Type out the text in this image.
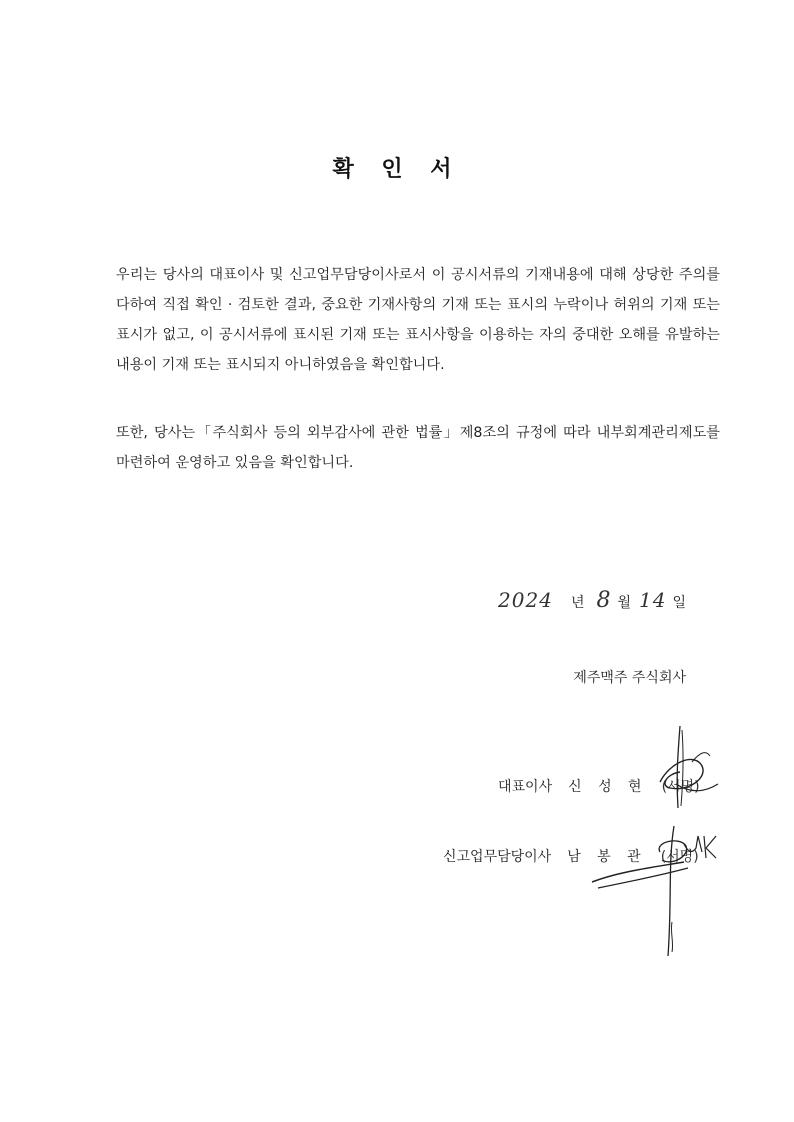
확 인 서
우리는 당사의 대표이사 및 신고업무담당이사로서 이 공시서류의 기재내용에 대해 상당한 주의를 다하여 직접 확인 · 검토한 결과, 중요한 기재사항의 기재 또는 표시의 누락이나 허위의 기재 또는 표시가 없고, 이 공시서류에 표시된 기재 또는 표시사항을 이용하는 자의 중대한 오해를 유발하는 내용이 기재 또는 표시되지 아니하였음을 확인합니다.
또한, 당사는「주식회사 등의 외부감사에 관한 법률」제8조의 규정에 따라 내부회계관리제도를 마련하여 운영하고 있음을 확인합니다.
2024 년 8 월 14 일
제주맥주 주식회사
대표이사 신 성 현 (서명)
신고업무담당이사 남 봉 관 (서명)
